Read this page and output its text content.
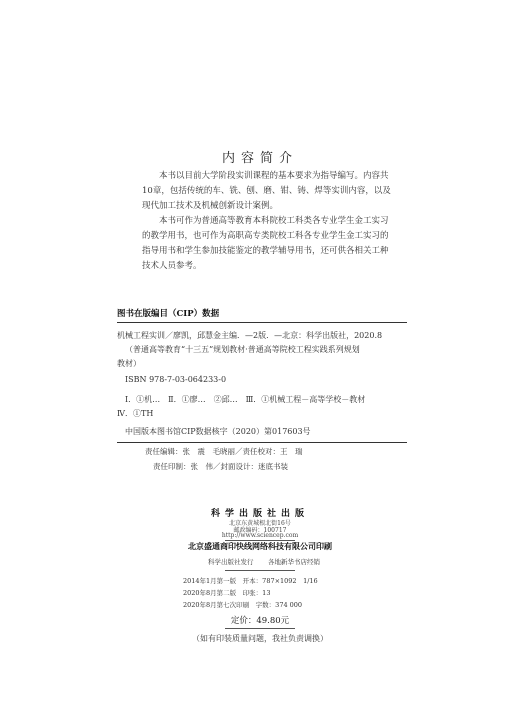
内容简介
本书以目前大学阶段实训课程的基本要求为指导编写。内容共10章，包括传统的车、铣、刨、磨、钳、铸、焊等实训内容，以及现代加工技术及机械创新设计案例。
本书可作为普通高等教育本科院校工科类各专业学生金工实习的教学用书，也可作为高职高专类院校工科各专业学生金工实习的指导用书和学生参加技能鉴定的教学辅导用书，还可供各相关工种技术人员参考。
图书在版编目（CIP）数据
机械工程实训／廖凯，邱慧金主编．—2版．—北京：科学出版社，2020.8
（普通高等教育“十三五”规划教材·普通高等院校工程实践系列规划
教材）
ISBN 978-7-03-064233-0
Ⅰ．①机…　Ⅱ．①廖…　②邱…　Ⅲ．①机械工程－高等学校－教材
Ⅳ．①TH
中国版本图书馆CIP数据核字（2020）第017603号
责任编辑：张　震　毛晓丽／责任校对：王　瑞
责任印制：张　伟／封面设计：迷底书装
科学出版社出版
北京东黄城根北街16号
邮政编码：100717
http://www.sciencep.com
北京盛通商印快线网络科技有限公司印刷
科学出版社发行 各地新华书店经销
2014年1月第一版　开本：787×1092　1/16
2020年8月第二版　印张：13
2020年8月第七次印刷　字数：374 000
定价：49.80元
（如有印装质量问题，我社负责调换）
